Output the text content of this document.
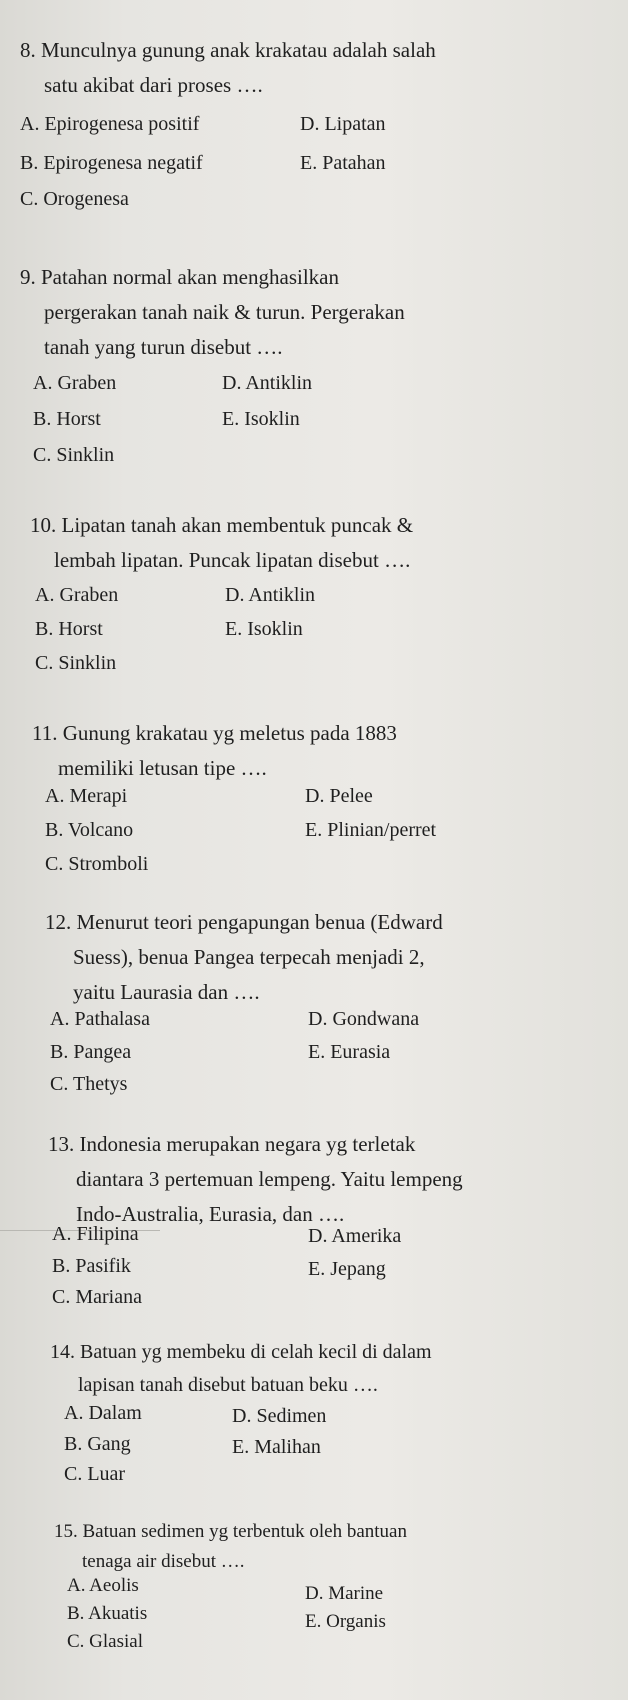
8. Munculnya gunung anak krakatau adalah salah
satu akibat dari proses ….
A. Epirogenesa positif
B. Epirogenesa negatif
C. Orogenesa
D. Lipatan
E. Patahan
9. Patahan normal akan menghasilkan
pergerakan tanah naik & turun. Pergerakan
tanah yang turun disebut ….
A. Graben
B. Horst
C. Sinklin
D. Antiklin
E. Isoklin
10. Lipatan tanah akan membentuk puncak &
lembah lipatan. Puncak lipatan disebut ….
A. Graben
B. Horst
C. Sinklin
D. Antiklin
E. Isoklin
11. Gunung krakatau yg meletus pada 1883
memiliki letusan tipe ….
A. Merapi
B. Volcano
C. Stromboli
D. Pelee
E. Plinian/perret
12. Menurut teori pengapungan benua (Edward
Suess), benua Pangea terpecah menjadi 2,
yaitu Laurasia dan ….
A. Pathalasa
B. Pangea
C. Thetys
D. Gondwana
E. Eurasia
13. Indonesia merupakan negara yg terletak
diantara 3 pertemuan lempeng. Yaitu lempeng
Indo-Australia, Eurasia, dan ….
A. Filipina
B. Pasifik
C. Mariana
D. Amerika
E. Jepang
14. Batuan yg membeku di celah kecil di dalam
lapisan tanah disebut batuan beku ….
A. Dalam
B. Gang
C. Luar
D. Sedimen
E. Malihan
15. Batuan sedimen yg terbentuk oleh bantuan
tenaga air disebut ….
A. Aeolis
B. Akuatis
C. Glasial
D. Marine
E. Organis
